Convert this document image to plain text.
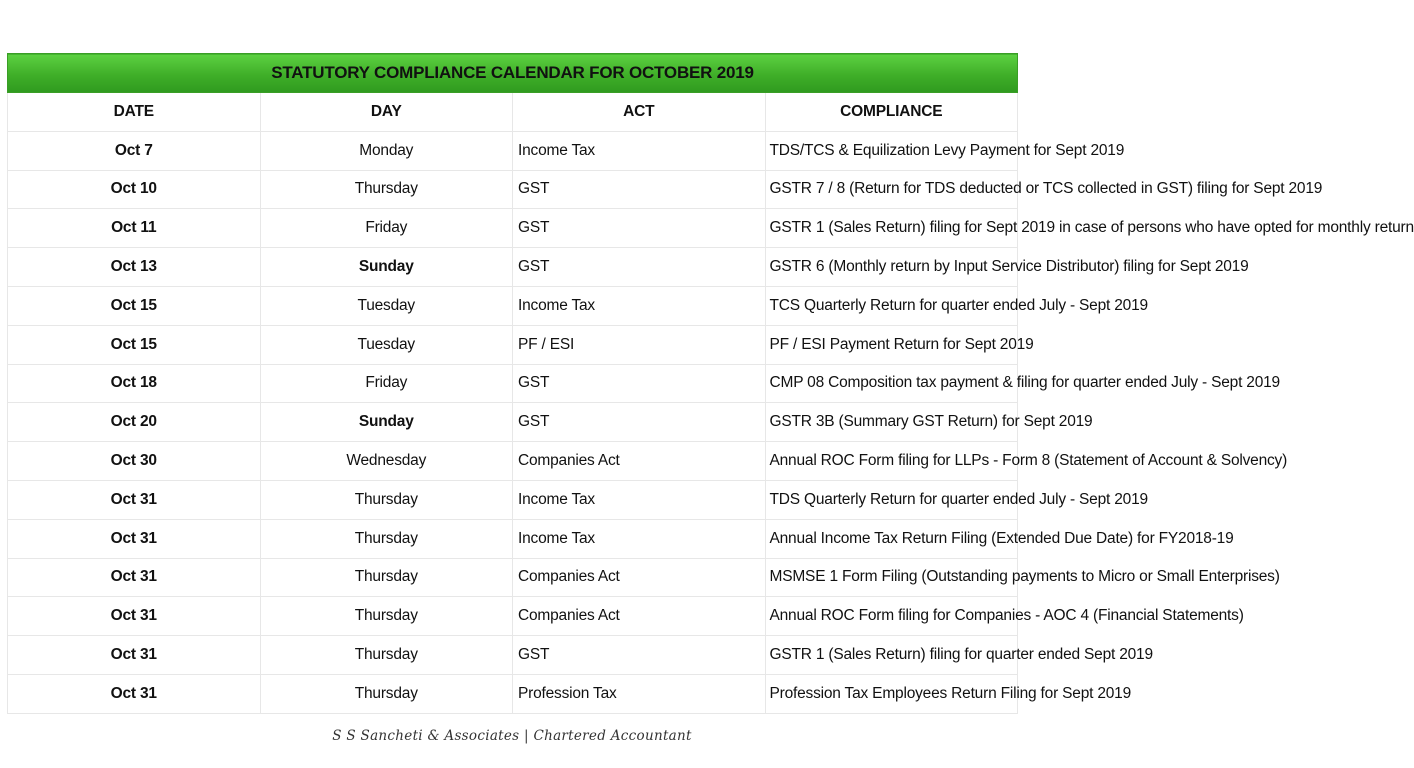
STATUTORY COMPLIANCE CALENDAR FOR OCTOBER 2019			
DATE	DAY	ACT	COMPLIANCE
Oct 7	Monday	Income Tax	TDS/TCS & Equilization Levy Payment for Sept 2019
Oct 10	Thursday	GST	GSTR 7 / 8 (Return for TDS deducted or TCS collected in GST) filing for Sept 2019
Oct 11	Friday	GST	GSTR 1 (Sales Return) filing for Sept 2019 in case of persons who have opted for monthly return
Oct 13	Sunday	GST	GSTR 6 (Monthly return by Input Service Distributor) filing for Sept 2019
Oct 15	Tuesday	Income Tax	TCS Quarterly Return for quarter ended July - Sept 2019
Oct 15	Tuesday	PF / ESI	PF / ESI Payment Return for Sept 2019
Oct 18	Friday	GST	CMP 08 Composition tax payment & filing for quarter ended July - Sept 2019
Oct 20	Sunday	GST	GSTR 3B (Summary GST Return) for Sept 2019
Oct 30	Wednesday	Companies Act	Annual ROC Form filing for LLPs - Form 8 (Statement of Account & Solvency)
Oct 31	Thursday	Income Tax	TDS Quarterly Return for quarter ended July - Sept 2019
Oct 31	Thursday	Income Tax	Annual Income Tax Return Filing (Extended Due Date) for FY2018-19
Oct 31	Thursday	Companies Act	MSMSE 1 Form Filing (Outstanding payments to Micro or Small Enterprises)
Oct 31	Thursday	Companies Act	Annual ROC Form filing for Companies - AOC 4 (Financial Statements)
Oct 31	Thursday	GST	GSTR 1 (Sales Return) filing for quarter ended Sept 2019
Oct 31	Thursday	Profession Tax	Profession Tax Employees Return Filing for Sept 2019
S S Sancheti & Associates | Chartered Accountant
